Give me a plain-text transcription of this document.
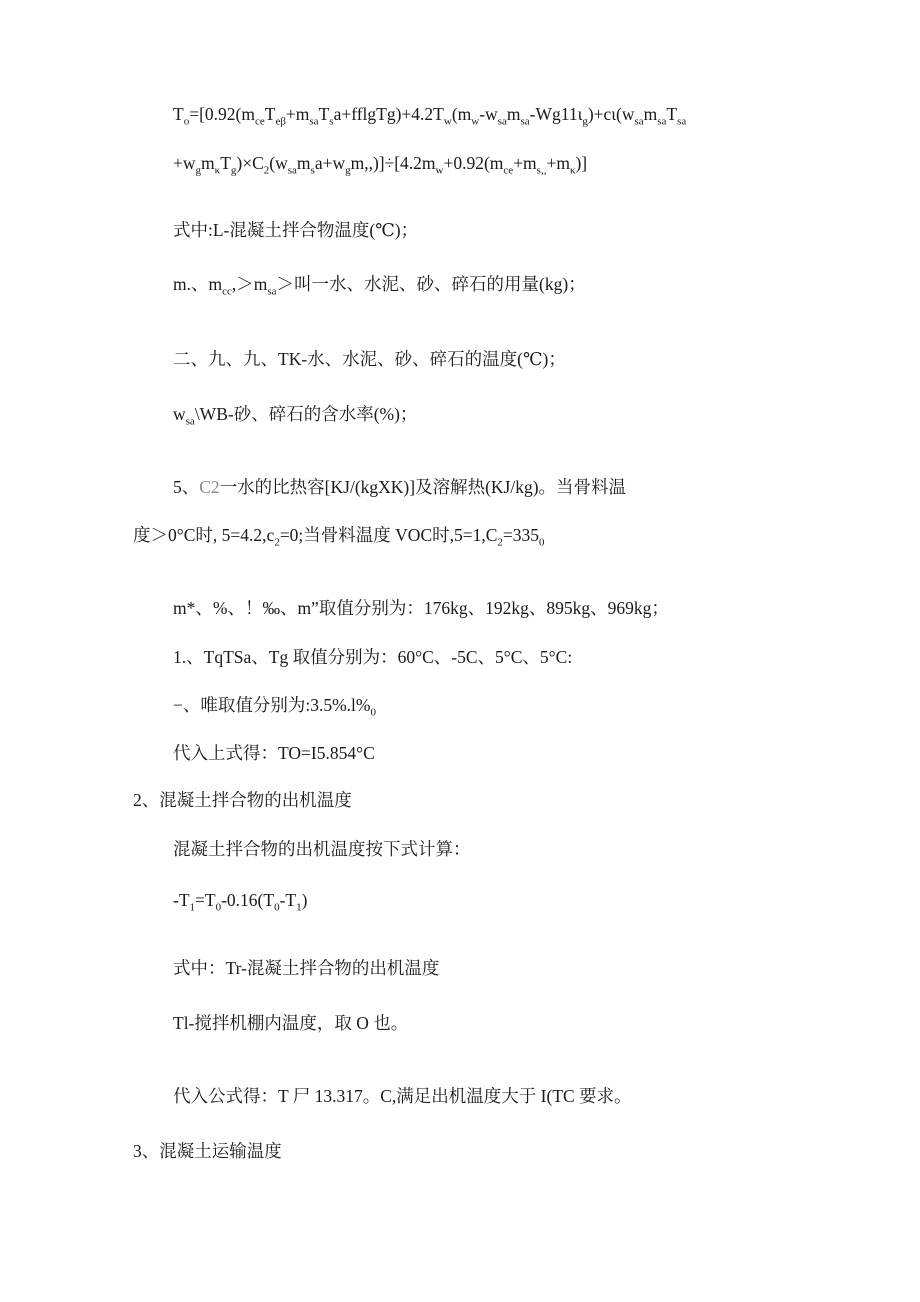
$T_o=[0.92(m_{ce}T_{e\beta}+m_{sa}T_sa+fflgTg)+4.2T_w(m_w-w_{sa}m_{sa}-Wg11\iota_g)+c\iota(w_{sa}m_{sa}T_{sa}$
$+w_gm_\kappa T_g)\times C_2(w_{sa}m_sa+w_gm,,)]\div[4.2m_w+0.92(m_{ce}+m_{s,,}+m_\kappa)]$
式中:L-混凝土拌合物温度(℃)；
m.、$m_{cc},>m_{sa}>$叫一水、水泥、砂、碎石的用量(kg)；
二、九、九、TK-水、水泥、砂、碎石的温度(℃)；
$w_{sa}\backslash WB-$砂、碎石的含水率(%)；
5、C2一水的比热容[KJ/(kgXK)]及溶解热(KJ/kg)。当骨料温
度＞0°C时, $5=4.2,c_2=0$;当骨料温度 VOC时$,5=1,C_2=335_0$
m*、%、！‰、m”取值分别为：176kg、192kg、895kg、969kg；
1.、TqTSa、Tg 取值分别为：60°C、-5C、5°C、5°C:
−、唯取值分别为$:3.5\%.l\%_0$
代入上式得：TO=I5.854°C
2、混凝土拌合物的出机温度
混凝土拌合物的出机温度按下式计算：
$-T_1=T_0-0.16(T_0-T_1)$
式中：Tr-混凝土拌合物的出机温度
Tl-搅拌机棚内温度，取 O 也。
代入公式得：T 尸 13.317。C,满足出机温度大于 I(TC 要求。
3、混凝土运输温度
